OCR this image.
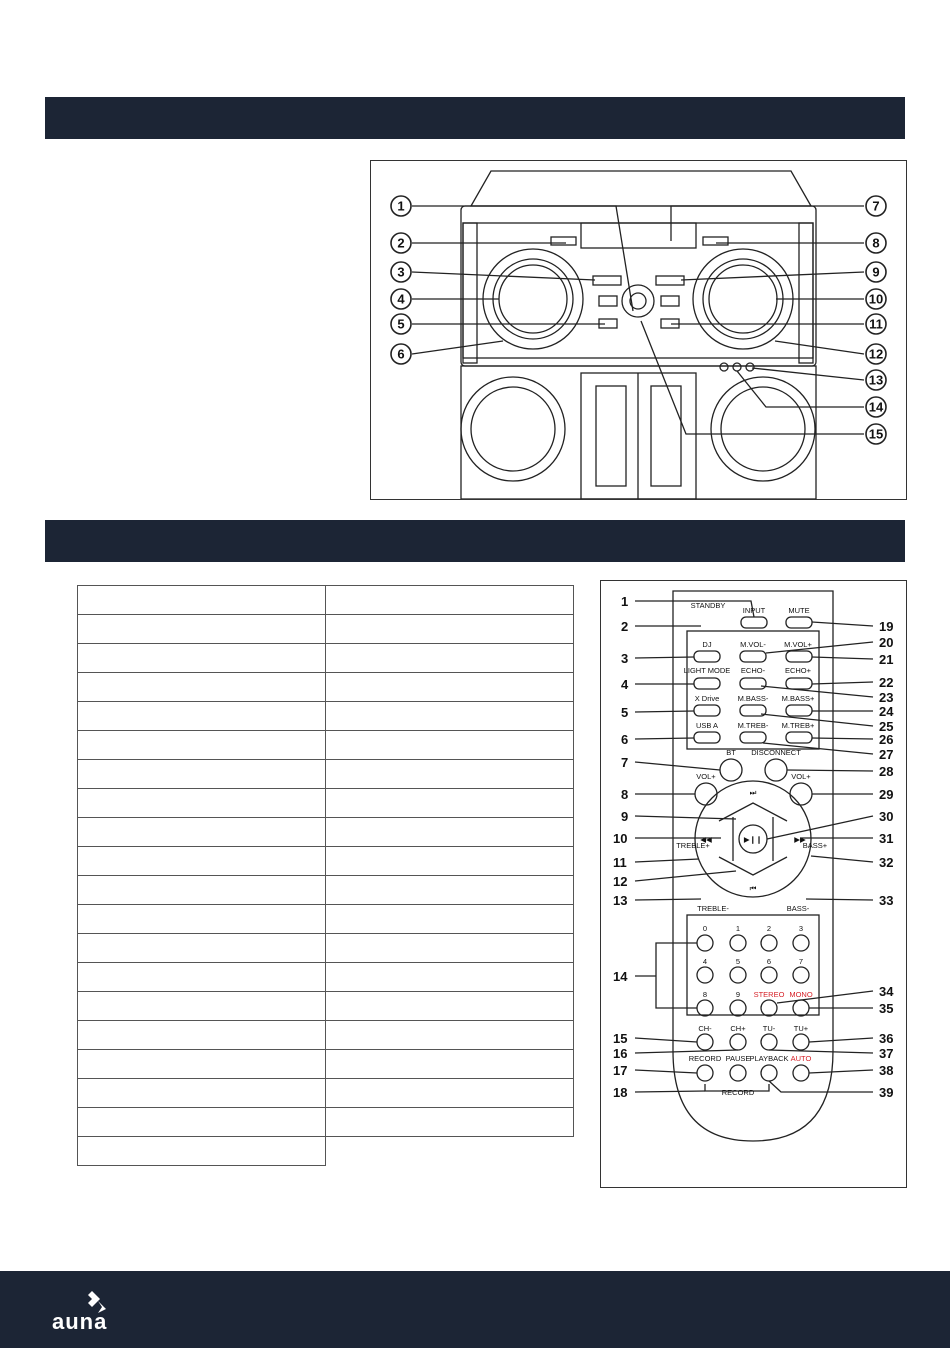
1
2
3
4
5
6
7
8
9
10
11
12
13
14
15

STANDBY
INPUT	MUTE
DJ	M.VOL- M.VOL+
LIGHT MODE ECHO-	ECHO+
X Drive M.BASS- M.BASS+
USB A	M.TREB- M.TREB+
BT DISCONNECT
VOL+	VOL+
▶❙❙
⏭
◀◀	▶▶
⏮
TREBLE+	BASS+
TREBLE-	BASS-
0	1	2	3
4	5	6	7
8	9 STEREO MONO
CH- CH+ TU- TU+
RECORD PAUSE PLAYBACK AUTO
RECORD
1
2
3
4
5
6
7
8
9
10
11
12
13
14
15
16
17
18
19
20
21
22
23
24
25
26
27
28
29
30
31
32
33
34
35
36
37
38
39
auna
